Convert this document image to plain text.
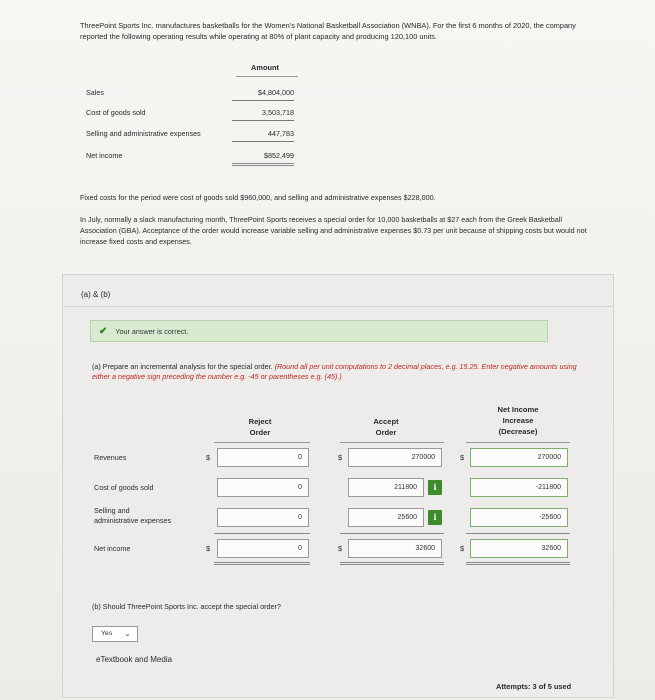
ThreePoint Sports Inc. manufactures basketballs for the Women's National Basketball Association (WNBA). For the first 6 months of 2020, the company reported the following operating results while operating at 80% of plant capacity and producing 120,100 units.
Amount
Sales	$4,804,000
Cost of goods sold	3,503,718
Selling and administrative expenses	447,783
Net income	$852,499
Fixed costs for the period were cost of goods sold $960,000, and selling and administrative expenses $228,000.
In July, normally a slack manufacturing month, ThreePoint Sports receives a special order for 10,000 basketballs at $27 each from the Greek Basketball Association (GBA). Acceptance of the order would increase variable selling and administrative expenses $0.73 per unit because of shipping costs but would not increase fixed costs and expenses.
(a) & (b)
✔ Your answer is correct.
(a) Prepare an incremental analysis for the special order. (Round all per unit computations to 2 decimal places, e.g. 15.25. Enter negative amounts using either a negative sign preceding the number e.g. -45 or parentheses e.g. (45).)
Reject
Order
Accept
Order
Net Income
Increase
(Decrease)
Revenues	$	0	$	270000	$	270000
Cost of goods sold	0	211800	i	-211800
Selling and
administrative expenses	0	25600	i	-25600
Net income	$	0	$	32600	$	32600
(b) Should ThreePoint Sports Inc. accept the special order?
Yes ⌄
eTextbook and Media
Attempts: 3 of 5 used
